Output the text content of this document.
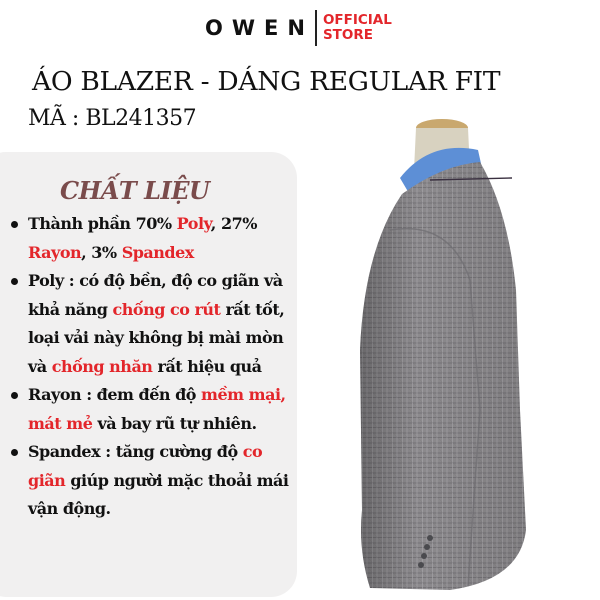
OWEN OFFICIAL
STORE
ÁO BLAZER - DÁNG REGULAR FIT
MÃ : BL241357
CHẤT LIỆU
Thành phần 70% Poly, 27% Rayon, 3% Spandex
Poly : có độ bền, độ co giãn và khả năng chống co rút rất tốt, loại vải này không bị mài mòn và chống nhăn rất hiệu quả
Rayon : đem đến độ mềm mại, mát mẻ và bay rũ tự nhiên.
Spandex : tăng cường độ co giãn giúp người mặc thoải mái vận động.
